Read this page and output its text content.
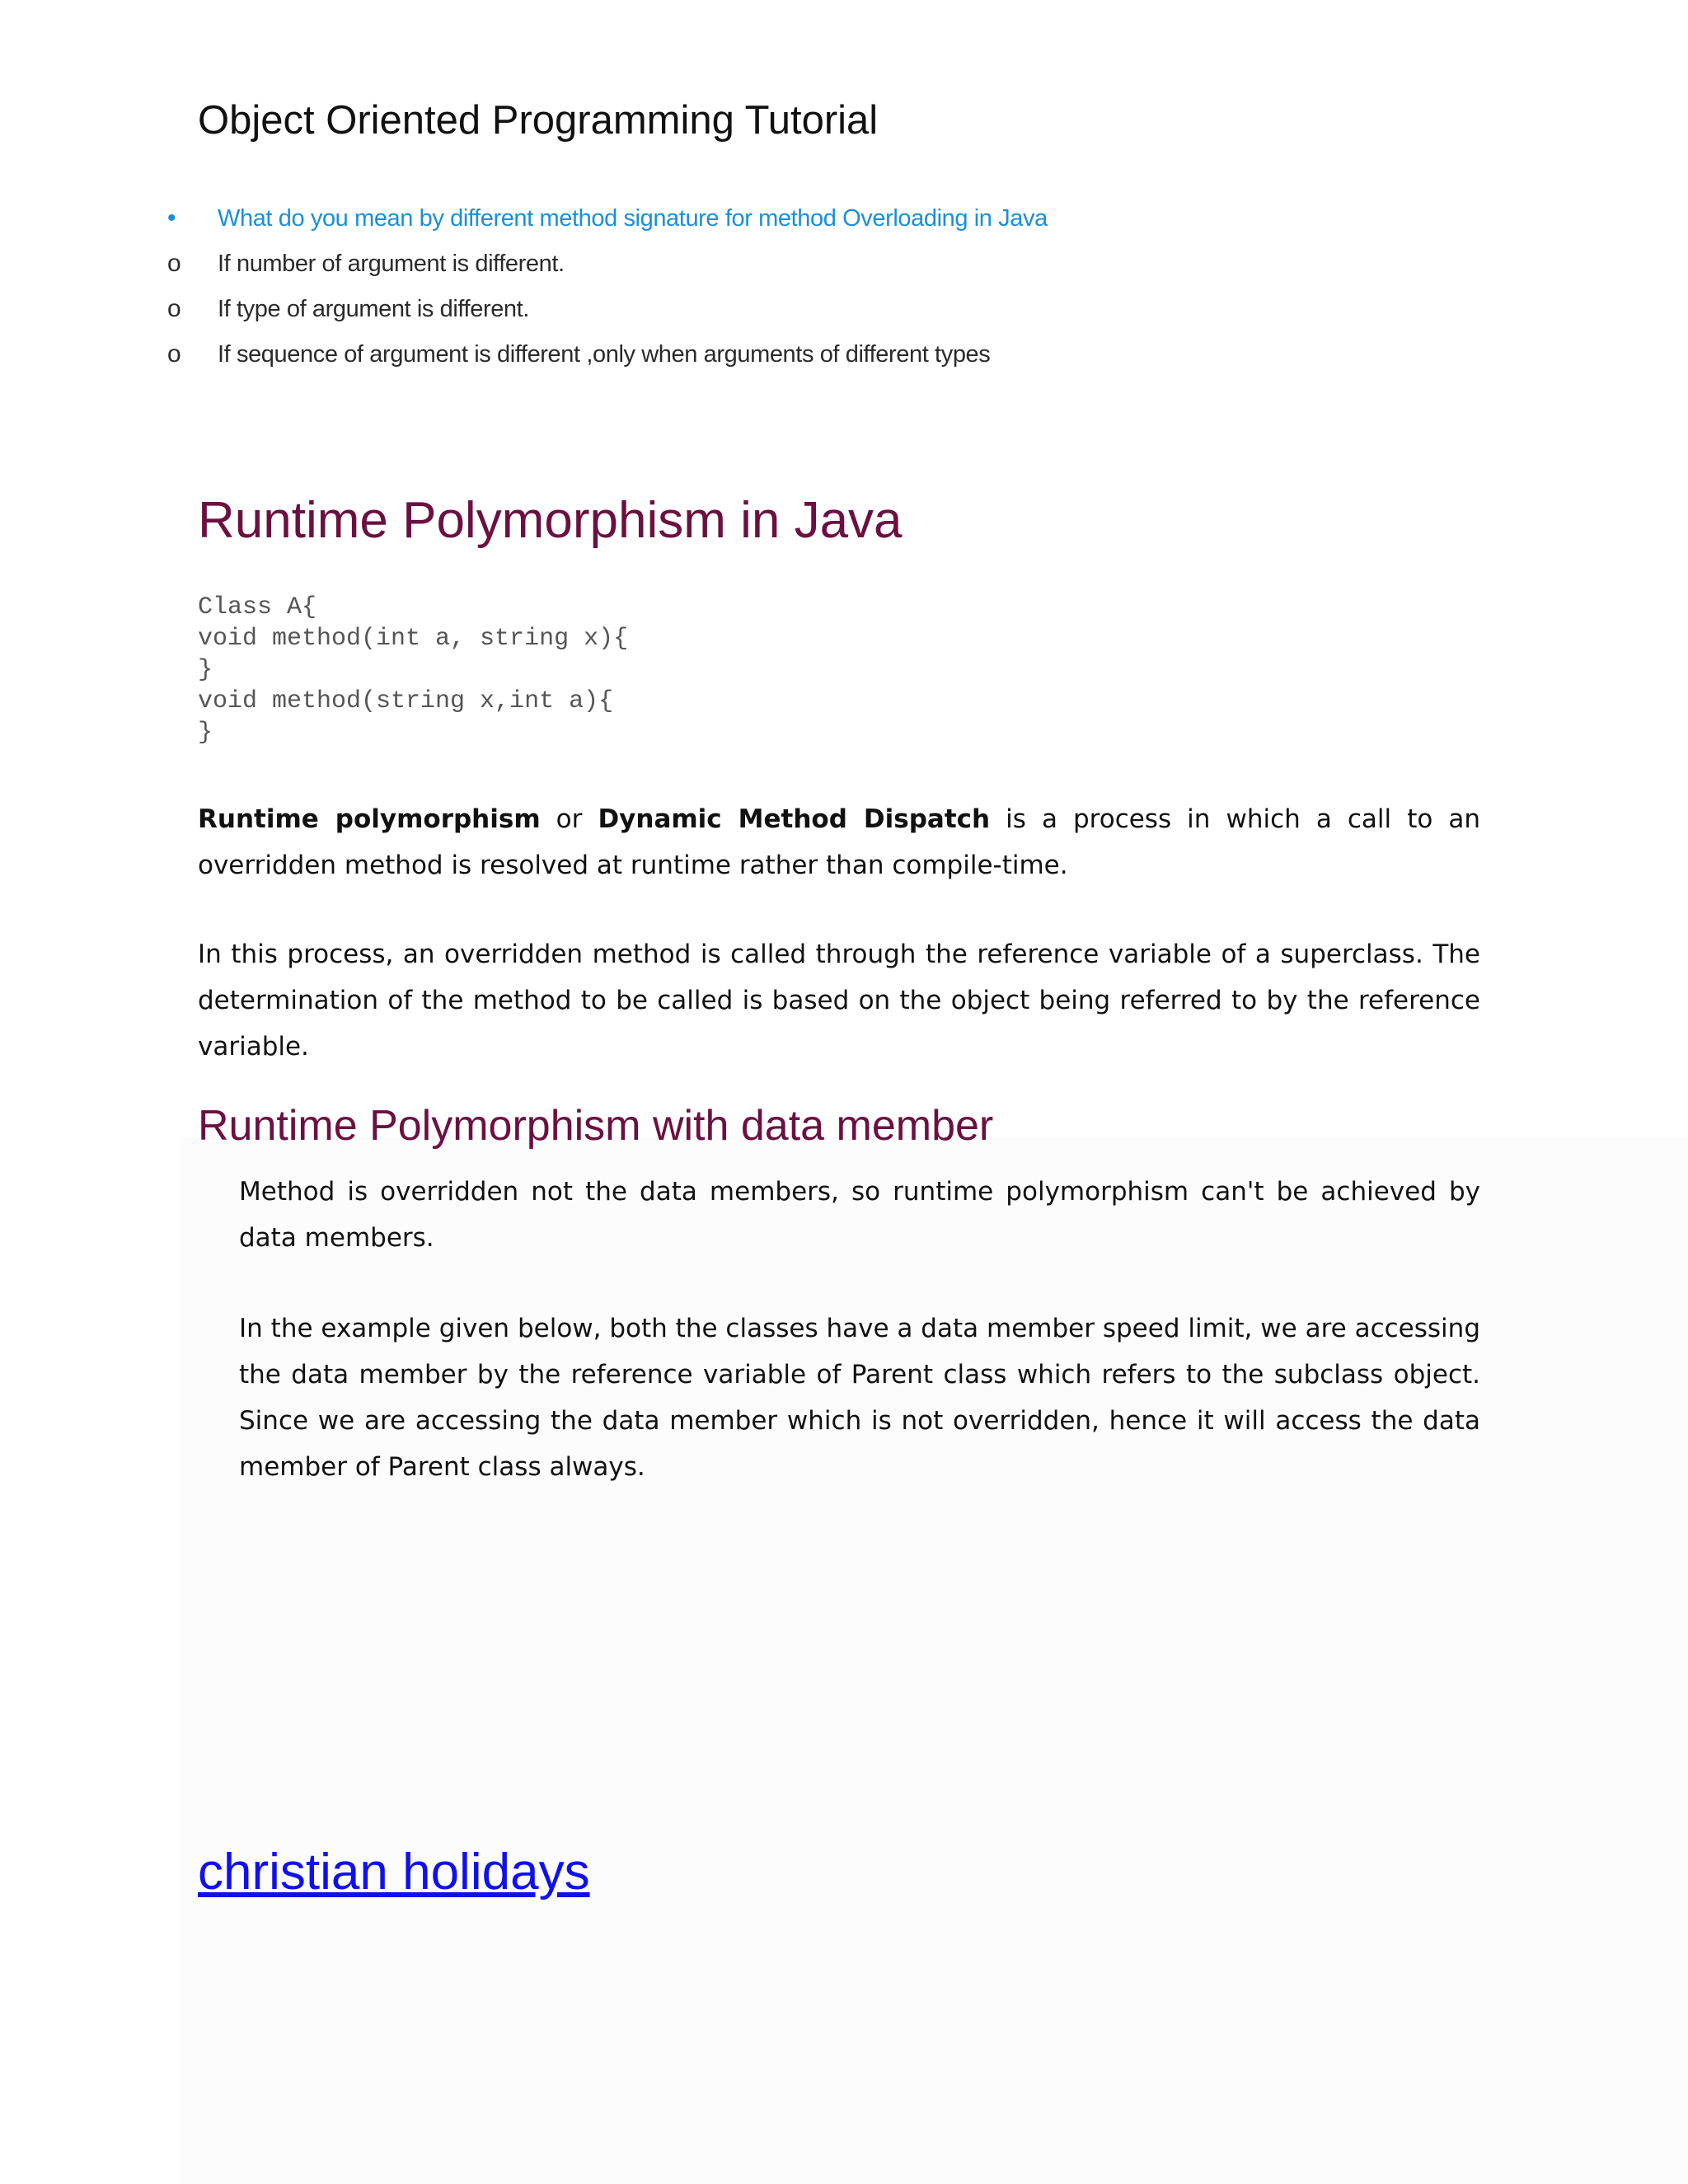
Object Oriented Programming Tutorial
• What do you mean by different method signature for method Overloading in Java
o If number of argument is different.
o If type of argument is different.
o If sequence of argument is different ,only when arguments of different types
Runtime Polymorphism in Java
Class A{
void method(int a, string x){
}
void method(string x,int a){
}

Runtime polymorphism or Dynamic Method Dispatch is a process in which a call to an overridden method is resolved at runtime rather than compile-time.

In this process, an overridden method is called through the reference variable of a superclass. The determination of the method to be called is based on the object being referred to by the reference variable.

Runtime Polymorphism with data member

Method is overridden not the data members, so runtime polymorphism can't be achieved by data members.

In the example given below, both the classes have a data member speed limit, we are accessing the data member by the reference variable of Parent class which refers to the subclass object. Since we are accessing the data member which is not overridden, hence it will access the data member of Parent class always.

christian holidays
